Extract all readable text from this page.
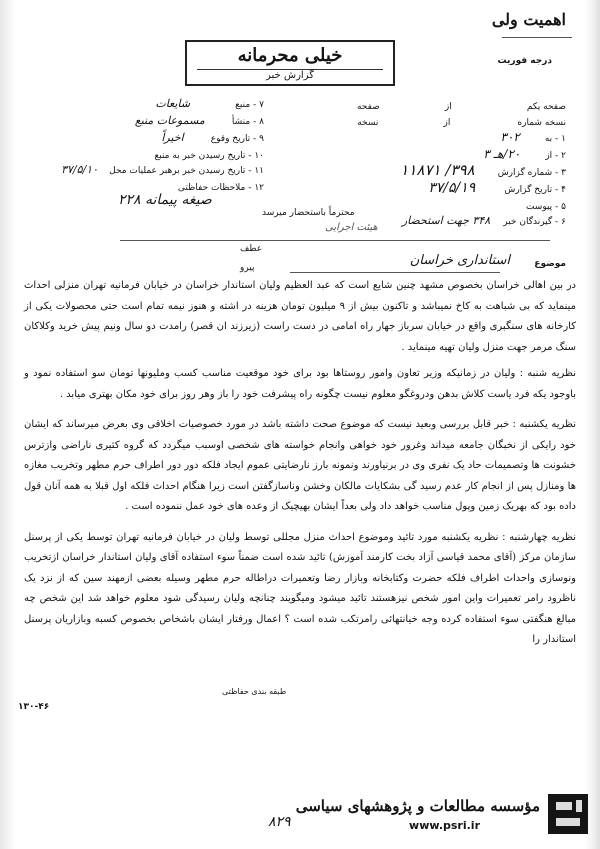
اهمیت ولی
درجه فوریت
خیلی محرمانه
گزارش خبر
صفحه یکم از صفحه
نسخه شماره از نسخه
۱ - به ۳۰۲
۲ - از ۲۰/هـ ۳
۳ - شماره گزارش ۳۹۸/ ۱۱۸۷۱
۴ - تاریخ گزارش ۳۷/۵/۱۹
۵ - پیوست
۶ - گیرندگان خبر ۳۴۸ جهت استحضار
۷ - منبع شایعات
۸ - منشأ مسموعات منبع
۹ - تاریخ وقوع اخیراً
۱۰ - تاریخ رسیدن خبر به منبع
۱۱ - تاریخ رسیدن خبر برهبر عملیات محل ۳۷/۵/۱۰
۱۲ - ملاحظات حفاظتی
صیغه پیمانه ۲۲۸
محترماً باستحضار میرسد
هیئت اجرایی
عطف
پیرو	موضوع
استانداری خراسان

در بین اهالی خراسان بخصوص مشهد چنین شایع است که عبد العظیم ولیان استاندار خراسان در خیابان فرمانیه تهران منزلی احداث مینماید که بی شباهت به کاخ نمیباشد و تاکنون بیش از ۹ میلیون تومان هزینه در اشته و هنوز نیمه تمام است حتی محصولات یکی از کارخانه های سنگبری واقع در خیابان سرباز جهار راه امامی در دست راست (زیرزند ان قصر) رامدت دو سال ونیم پیش خرید وکلاکان سنگ مرمر جهت منزل ولیان تهیه مینماید .

نظریه شنبه : ولیان در زمانیکه وزیر تعاون وامور روستاها بود برای خود موقعیت مناسب کسب وملیونها تومان سو استفاده نمود و باوجود یکه فرد یاست کلاش بدهن ودروغگو معلوم نیست چگونه راه پیشرفت خود را باز وهر روز برای خود مکان بهتری میابد .

نظریه یکشنبه : خبر قابل بررسی وبعید نیست که موضوع صحت داشته باشد در مورد خصوصیات اخلاقی وی بعرض میرساند که ایشان خود رایکی از نخبگان جامعه میداند وغرور خود خواهی وانجام خواسته های شخصی اوسبب میگردد که گروه کثیری ناراضی وازترس خشونت ها وتصمیمات حاد یک نفری وی در برنیاورند ونمونه بارز نارضایتی عموم ایجاد فلکه دور دور اطراف حرم مطهر وتخریب مغازه ها ومنازل پس از انجام کار عدم رسید گی بشکایات مالکان وخشن وناسازگفتن است زیرا هنگام احداث فلکه اول قبلا به همه آنان قول داده بود که بهریک زمین وپول مناسب خواهد داد ولی بعداً ایشان بهیچیک از وعده های خود عمل ننموده است .

نظریه چهارشنبه : نظریه یکشنبه مورد تائید وموضوع احداث منزل مجللی توسط ولیان در خیابان فرمانیه تهران توسط یکی از پرسنل سازمان مرکز (آقای محمد قیاسی آزاد بخت کارمند آموزش) تائید شده است ضمناً سوء استفاده آقای ولیان استاندار خراسان ازتخریب ونوسازی واحداث اطراف فلکه حضرت وکتابخانه وبازار رضا وتعمیرات دراطاله حرم مطهر وسیله بعضی ازمهند سین که از نزد یک ناظرود رامر تعمیرات واین امور شخص نیزهستند تائید میشود ومیگویند چنانچه ولیان رسیدگی شود معلوم خواهد شد این شخص چه مبالغ هنگفتی سوء استفاده کرده وجه خیانتهائی رامرتکب شده است ؟ اعمال ورفتار ایشان باشخاص بخصوص کسبه وبازاریان پرسنل استاندار را

۱۳۰-۴۶
طبقه بندی حفاظتی
۸۲۹
مؤسسه مطالعات و پژوهشهای سیاسی
www.psri.ir
